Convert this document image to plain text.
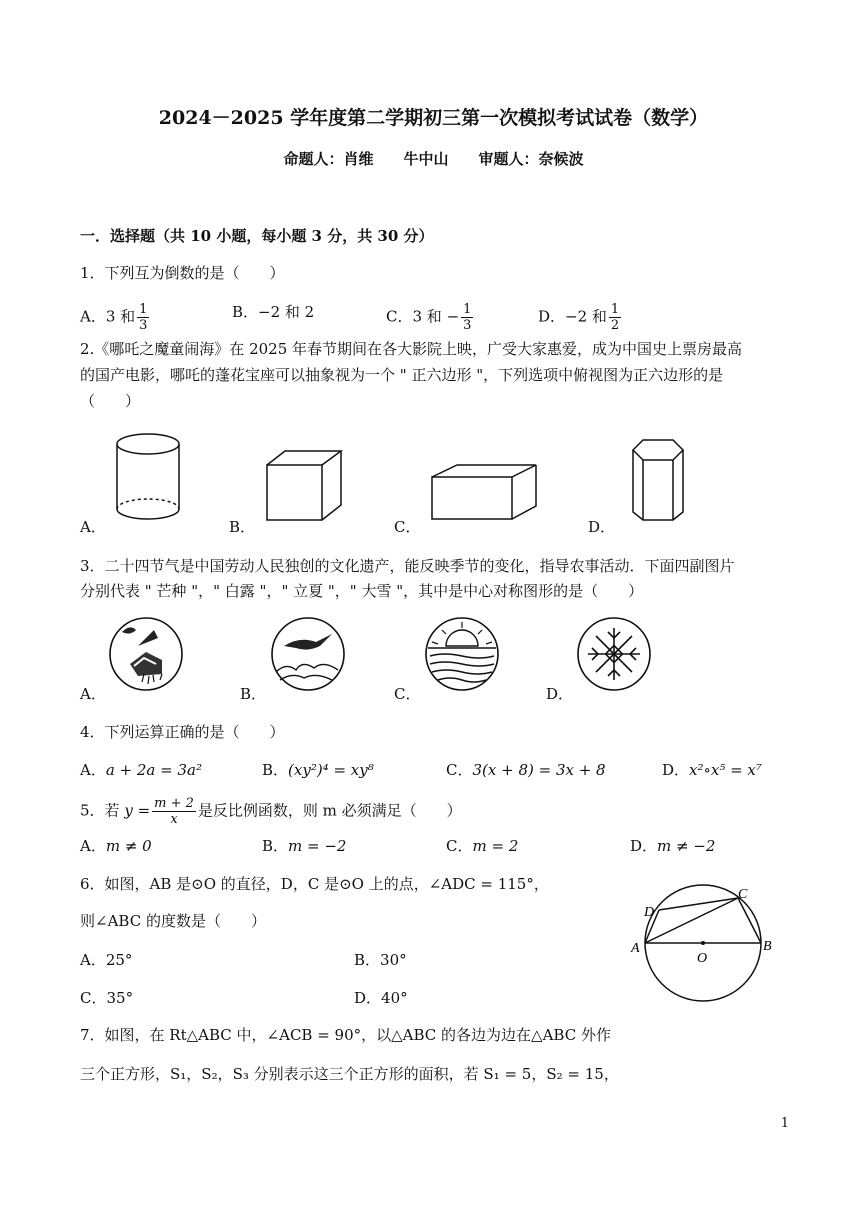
2024－2025 学年度第二学期初三第一次模拟考试试卷（数学）
命题人：肖维　　牛中山　　审题人：奈候波
一．选择题（共 10 小题，每小题 3 分，共 30 分）
1．下列互为倒数的是（　　）
A．3 和 $\frac{1}{3}$	B．−2 和 2	C．3 和 − $\frac{1}{3}$	D．−2 和 $\frac{1}{2}$
2.《哪吒之魔童闹海》在 2025 年春节期间在各大影院上映，广受大家惠爱，成为中国史上票房最高
的国产电影，哪吒的蓬花宝座可以抽象视为一个 " 正六边形 "，下列选项中俯视图为正六边形的是
（　　）
A．	B．	C．	D．
3．二十四节气是中国劳动人民独创的文化遗产，能反映季节的变化，指导农事活动．下面四副图片
分别代表 " 芒种 "，" 白露 "，" 立夏 "，" 大雪 "，其中是中心对称图形的是（　　）
A．	B．	C．	D．
4．下列运算正确的是（　　）
A．a + 2a = 3a²	B．(xy²)⁴ = xy⁸	C．3(x + 8) = 3x + 8	D．x²∘x⁵ = x⁷
5．若 $y = \frac{m + 2}{x}$ 是反比例函数，则 m 必须满足（　　）
A．m ≠ 0	B．m = −2	C．m = 2	D．m ≠ −2
6．如图，AB 是⊙O 的直径，D，C 是⊙O 上的点，∠ADC = 115°，
则∠ABC 的度数是（　　）
A．25°	B．30°
C．35°	D．40°
A	B
C
D
O
7．如图，在 Rt△ABC 中，∠ACB = 90°，以△ABC 的各边为边在△ABC 外作
三个正方形，S₁，S₂，S₃ 分别表示这三个正方形的面积，若 S₁ = 5，S₂ = 15，
1
